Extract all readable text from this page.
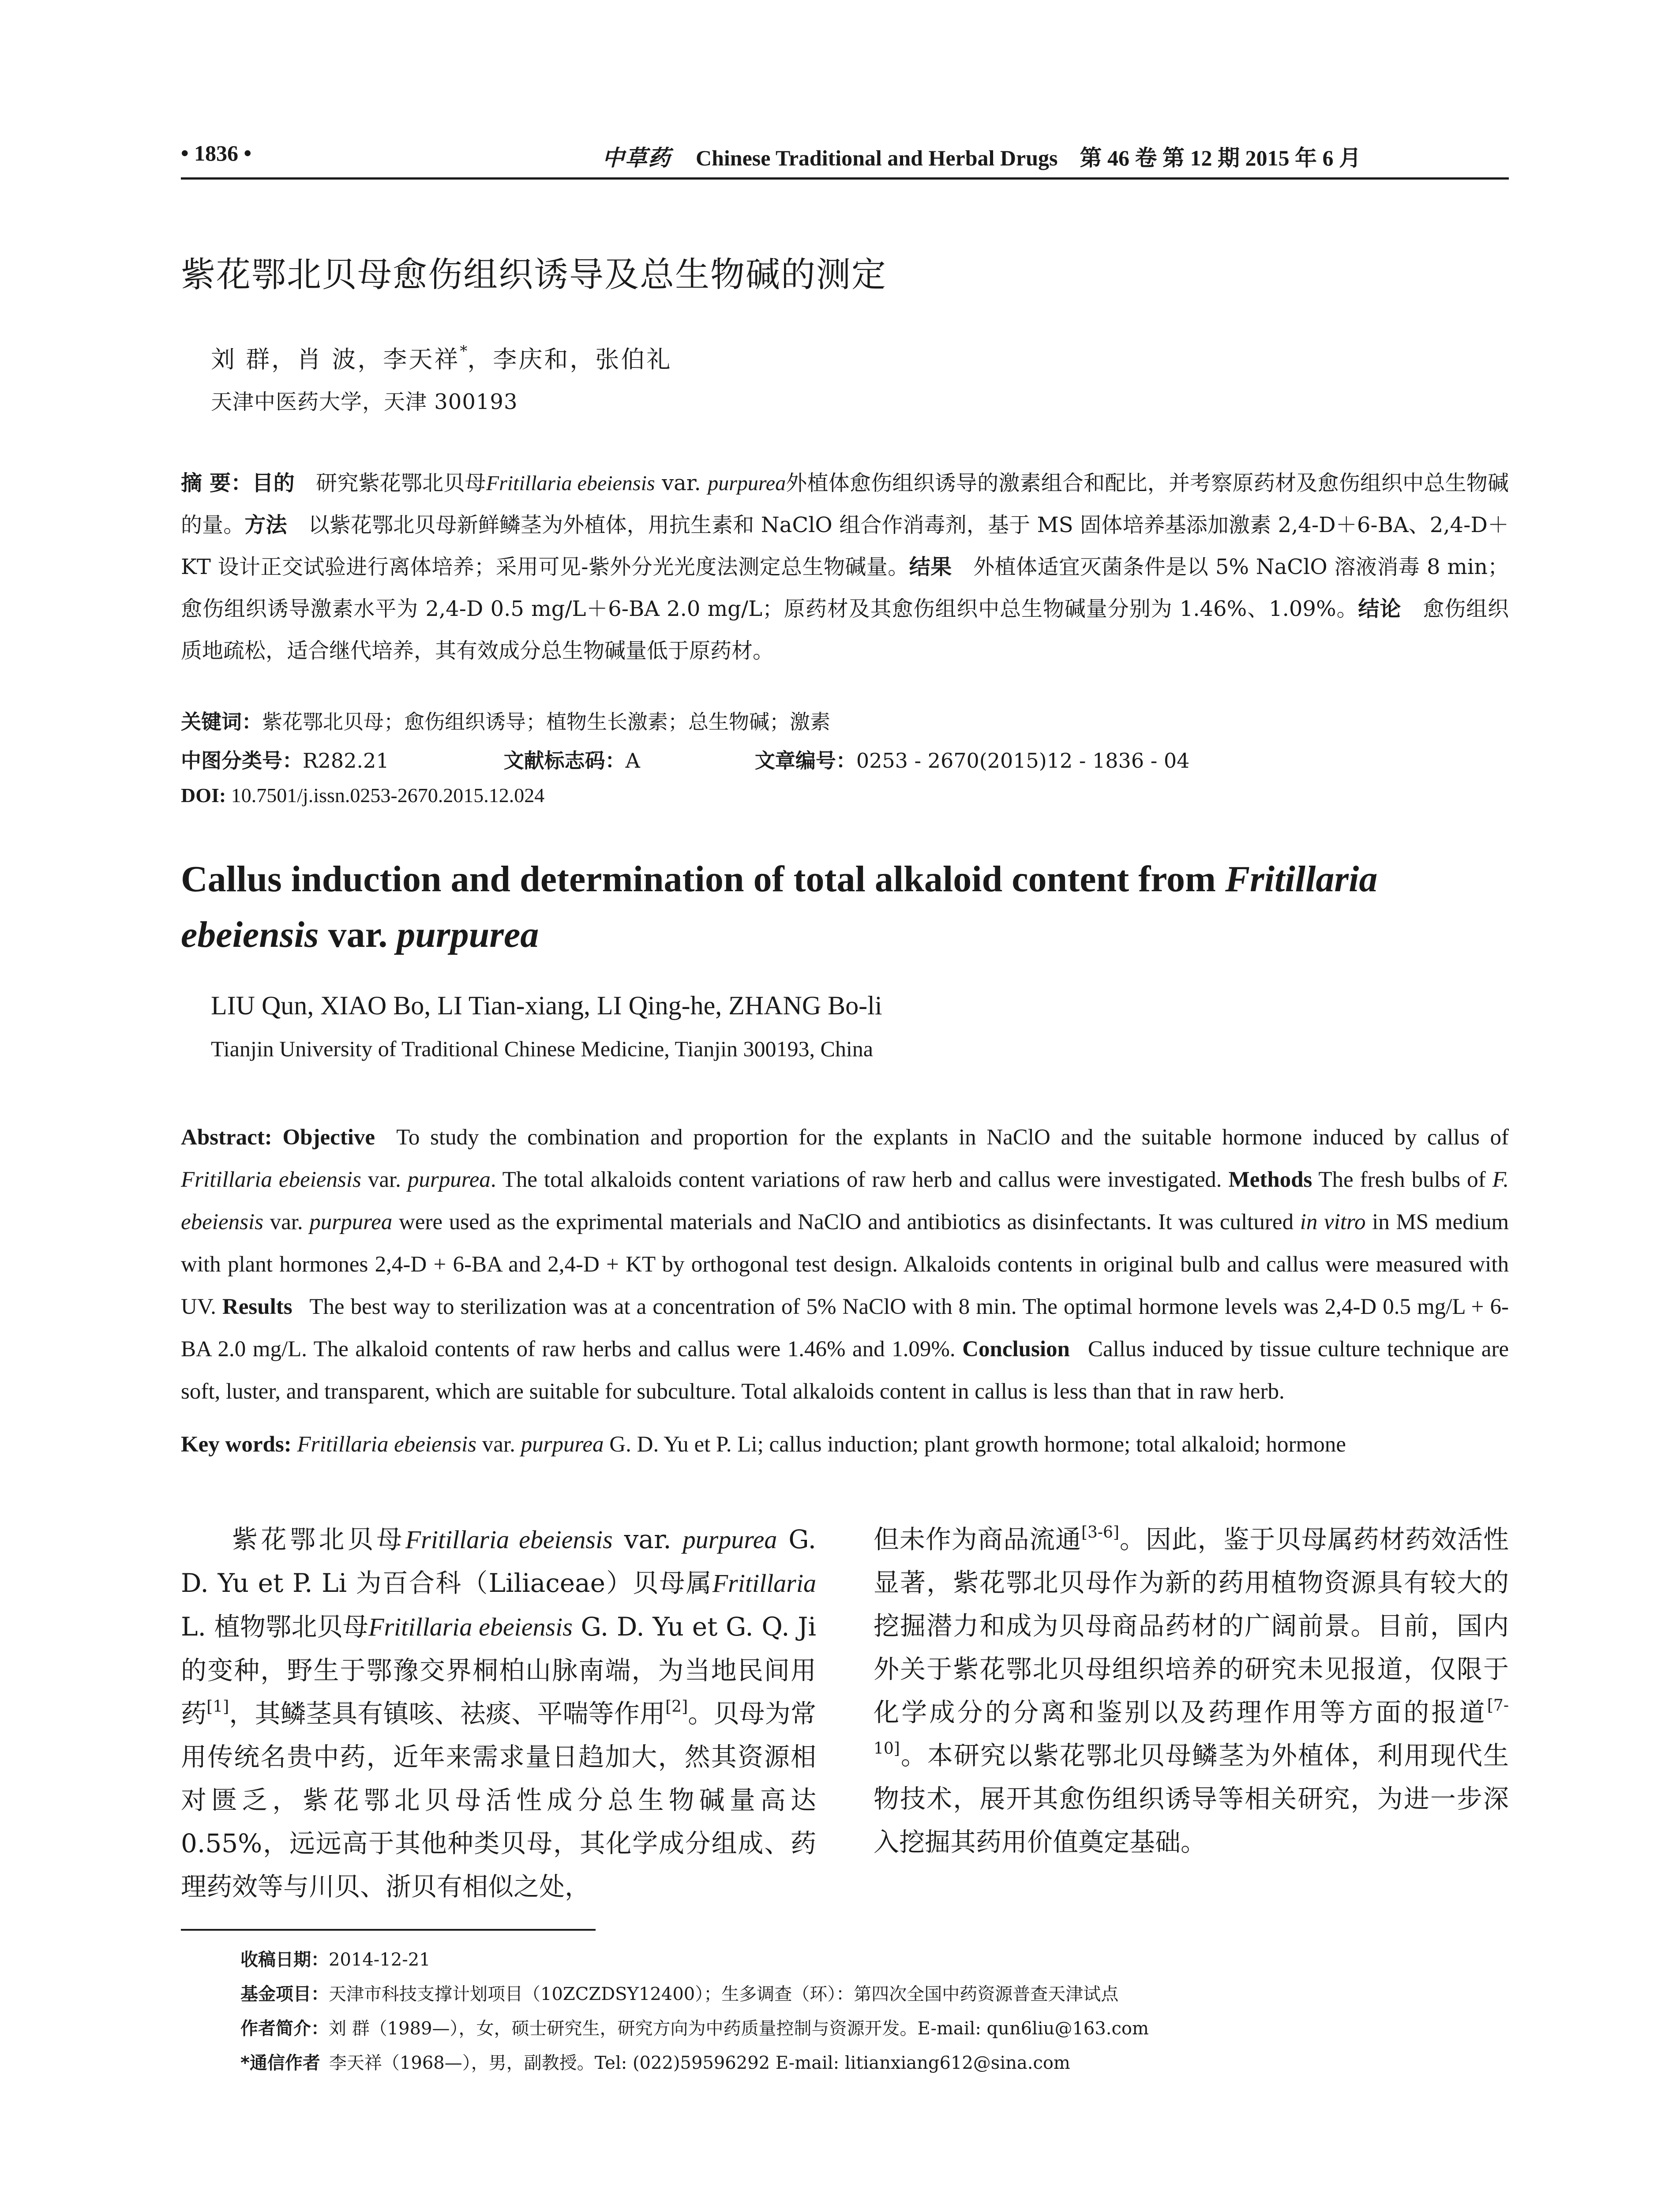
• 1836 •	中草药 Chinese Traditional and Herbal Drugs 第 46 卷 第 12 期 2015 年 6 月
紫花鄂北贝母愈伤组织诱导及总生物碱的测定
刘 群，肖 波，李天祥*，李庆和，张伯礼
天津中医药大学，天津 300193
摘 要：目的  研究紫花鄂北贝母Fritillaria ebeiensis var. purpurea外植体愈伤组织诱导的激素组合和配比，并考察原药材及愈伤组织中总生物碱的量。方法  以紫花鄂北贝母新鲜鳞茎为外植体，用抗生素和 NaClO 组合作消毒剂，基于 MS 固体培养基添加激素 2,4-D＋6-BA、2,4-D＋KT 设计正交试验进行离体培养；采用可见-紫外分光光度法测定总生物碱量。结果  外植体适宜灭菌条件是以 5% NaClO 溶液消毒 8 min；愈伤组织诱导激素水平为 2,4-D 0.5 mg/L＋6-BA 2.0 mg/L；原药材及其愈伤组织中总生物碱量分别为 1.46%、1.09%。结论  愈伤组织质地疏松，适合继代培养，其有效成分总生物碱量低于原药材。
关键词：紫花鄂北贝母；愈伤组织诱导；植物生长激素；总生物碱；激素
中图分类号：R282.21	文献标志码：A	文章编号：0253 - 2670(2015)12 - 1836 - 04
DOI: 10.7501/j.issn.0253-2670.2015.12.024
Callus induction and determination of total alkaloid content from Fritillaria ebeiensis var. purpurea
LIU Qun, XIAO Bo, LI Tian-xiang, LI Qing-he, ZHANG Bo-li
Tianjin University of Traditional Chinese Medicine, Tianjin 300193, China
Abstract: Objective  To study the combination and proportion for the explants in NaClO and the suitable hormone induced by callus of Fritillaria ebeiensis var. purpurea. The total alkaloids content variations of raw herb and callus were investigated. Methods The fresh bulbs of F. ebeiensis var. purpurea were used as the exprimental materials and NaClO and antibiotics as disinfectants. It was cultured in vitro in MS medium with plant hormones 2,4-D + 6-BA and 2,4-D + KT by orthogonal test design. Alkaloids contents in original bulb and callus were measured with UV. Results  The best way to sterilization was at a concentration of 5% NaClO with 8 min. The optimal hormone levels was 2,4-D 0.5 mg/L + 6-BA 2.0 mg/L. The alkaloid contents of raw herbs and callus were 1.46% and 1.09%. Conclusion  Callus induced by tissue culture technique are soft, luster, and transparent, which are suitable for subculture. Total alkaloids content in callus is less than that in raw herb.
Key words: Fritillaria ebeiensis var. purpurea G. D. Yu et P. Li; callus induction; plant growth hormone; total alkaloid; hormone
紫花鄂北贝母Fritillaria ebeiensis var. purpurea G. D. Yu et P. Li 为百合科（Liliaceae）贝母属Fritillaria L. 植物鄂北贝母Fritillaria ebeiensis G. D. Yu et G. Q. Ji 的变种，野生于鄂豫交界桐柏山脉南端，为当地民间用药[1]，其鳞茎具有镇咳、祛痰、平喘等作用[2]。贝母为常用传统名贵中药，近年来需求量日趋加大，然其资源相对匮乏，紫花鄂北贝母活性成分总生物碱量高达 0.55%，远远高于其他种类贝母，其化学成分组成、药理药效等与川贝、浙贝有相似之处，
但未作为商品流通[3-6]。因此，鉴于贝母属药材药效活性显著，紫花鄂北贝母作为新的药用植物资源具有较大的挖掘潜力和成为贝母商品药材的广阔前景。目前，国内外关于紫花鄂北贝母组织培养的研究未见报道，仅限于化学成分的分离和鉴别以及药理作用等方面的报道[7-10]。本研究以紫花鄂北贝母鳞茎为外植体，利用现代生物技术，展开其愈伤组织诱导等相关研究，为进一步深入挖掘其药用价值奠定基础。
收稿日期：2014-12-21
基金项目：天津市科技支撑计划项目（10ZCZDSY12400）；生多调查（环）：第四次全国中药资源普查天津试点
作者简介：刘 群（1989—），女，硕士研究生，研究方向为中药质量控制与资源开发。E-mail: qun6liu@163.com
*通信作者  李天祥（1968—），男，副教授。Tel: (022)59596292 E-mail: litianxiang612@sina.com
